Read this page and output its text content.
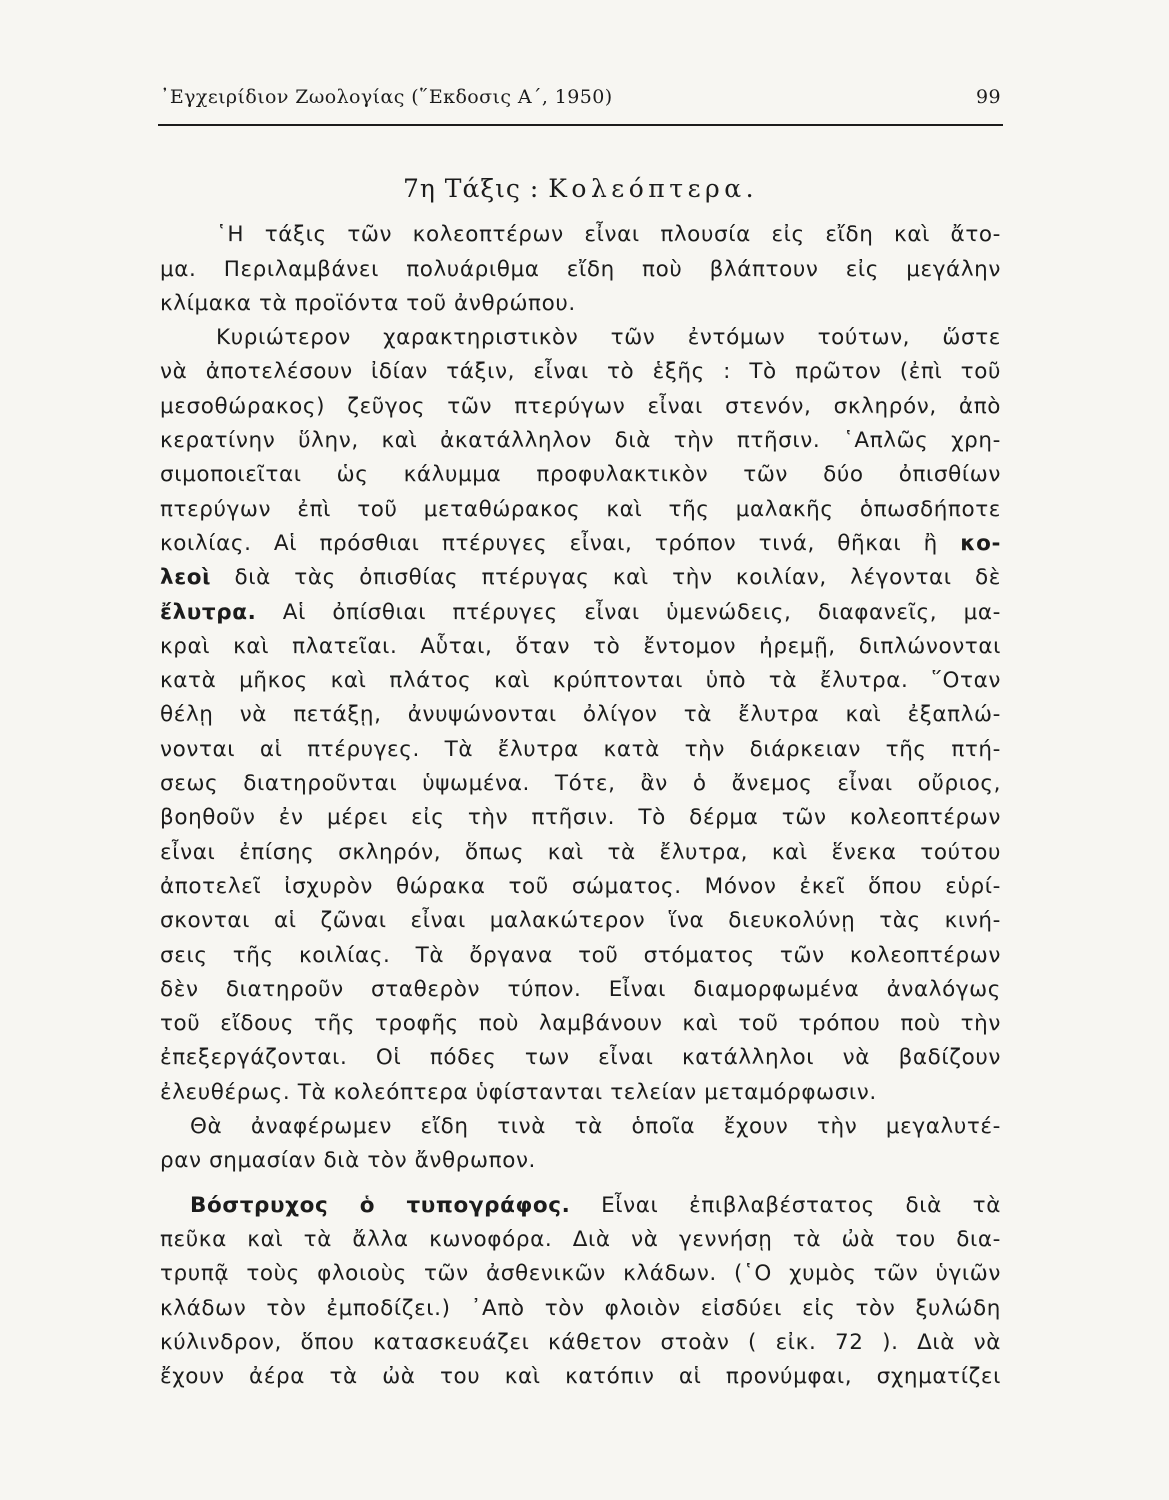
᾿Εγχειρίδιον Ζωολογίας (῞Εκδοσις Α΄, 1950)	99
7η Τάξις : Κολεόπτερα.

῾Η τάξις τῶν κολεοπτέρων εἶναι πλουσία εἰς εἴδη καὶ ἄτο-
μα. Περιλαμβάνει πολυάριθμα εἴδη ποὺ βλάπτουν εἰς μεγάλην
κλίμακα τὰ προϊόντα τοῦ ἀνθρώπου.

Κυριώτερον χαρακτηριστικὸν τῶν ἐντόμων τούτων, ὥστε
νὰ ἀποτελέσουν ἰδίαν τάξιν, εἶναι τὸ ἑξῆς : Τὸ πρῶτον (ἐπὶ τοῦ
μεσοθώρακος) ζεῦγος τῶν πτερύγων εἶναι στενόν, σκληρόν, ἀπὸ
κερατίνην ὕλην, καὶ ἀκατάλληλον διὰ τὴν πτῆσιν. ῾Απλῶς χρη-
σιμοποιεῖται ὡς κάλυμμα προφυλακτικὸν τῶν δύο ὀπισθίων
πτερύγων ἐπὶ τοῦ μεταθώρακος καὶ τῆς μαλακῆς ὁπωσδήποτε
κοιλίας. Αἱ πρόσθιαι πτέρυγες εἶναι, τρόπον τινά, θῆκαι ἢ κο-
λεοὶ διὰ τὰς ὀπισθίας πτέρυγας καὶ τὴν κοιλίαν, λέγονται δὲ
ἔλυτρα. Αἱ ὀπίσθιαι πτέρυγες εἶναι ὑμενώδεις, διαφανεῖς, μα-
κραὶ καὶ πλατεῖαι. Αὗται, ὅταν τὸ ἔντομον ἠρεμῇ, διπλώνονται
κατὰ μῆκος καὶ πλάτος καὶ κρύπτονται ὑπὸ τὰ ἔλυτρα. ῞Οταν
θέλῃ νὰ πετάξῃ, ἀνυψώνονται ὀλίγον τὰ ἔλυτρα καὶ ἐξαπλώ-
νονται αἱ πτέρυγες. Τὰ ἔλυτρα κατὰ τὴν διάρκειαν τῆς πτή-
σεως διατηροῦνται ὑψωμένα. Τότε, ἂν ὁ ἄνεμος εἶναι οὔριος,
βοηθοῦν ἐν μέρει εἰς τὴν πτῆσιν. Τὸ δέρμα τῶν κολεοπτέρων
εἶναι ἐπίσης σκληρόν, ὅπως καὶ τὰ ἔλυτρα, καὶ ἕνεκα τούτου
ἀποτελεῖ ἰσχυρὸν θώρακα τοῦ σώματος. Μόνον ἐκεῖ ὅπου εὑρί-
σκονται αἱ ζῶναι εἶναι μαλακώτερον ἵνα διευκολύνῃ τὰς κινή-
σεις τῆς κοιλίας. Τὰ ὄργανα τοῦ στόματος τῶν κολεοπτέρων
δὲν διατηροῦν σταθερὸν τύπον. Εἶναι διαμορφωμένα ἀναλόγως
τοῦ εἴδους τῆς τροφῆς ποὺ λαμβάνουν καὶ τοῦ τρόπου ποὺ τὴν
ἐπεξεργάζονται. Οἱ πόδες των εἶναι κατάλληλοι νὰ βαδίζουν
ἐλευθέρως. Τὰ κολεόπτερα ὑφίστανται τελείαν μεταμόρφωσιν.

Θὰ ἀναφέρωμεν εἴδη τινὰ τὰ ὁποῖα ἔχουν τὴν μεγαλυτέ-
ραν σημασίαν διὰ τὸν ἄνθρωπον.

Βόστρυχος ὁ τυπογράφος. Εἶναι ἐπιβλαβέστατος διὰ τὰ
πεῦκα καὶ τὰ ἄλλα κωνοφόρα. Διὰ νὰ γεννήσῃ τὰ ὠὰ του δια-
τρυπᾷ τοὺς φλοιοὺς τῶν ἀσθενικῶν κλάδων. (῾Ο χυμὸς τῶν ὑγιῶν
κλάδων τὸν ἐμποδίζει.) ᾿Απὸ τὸν φλοιὸν εἰσδύει εἰς τὸν ξυλώδη
κύλινδρον, ὅπου κατασκευάζει κάθετον στοὰν ( εἰκ. 72 ). Διὰ νὰ
ἔχουν ἀέρα τὰ ὠὰ του καὶ κατόπιν αἱ προνύμφαι, σχηματίζει
